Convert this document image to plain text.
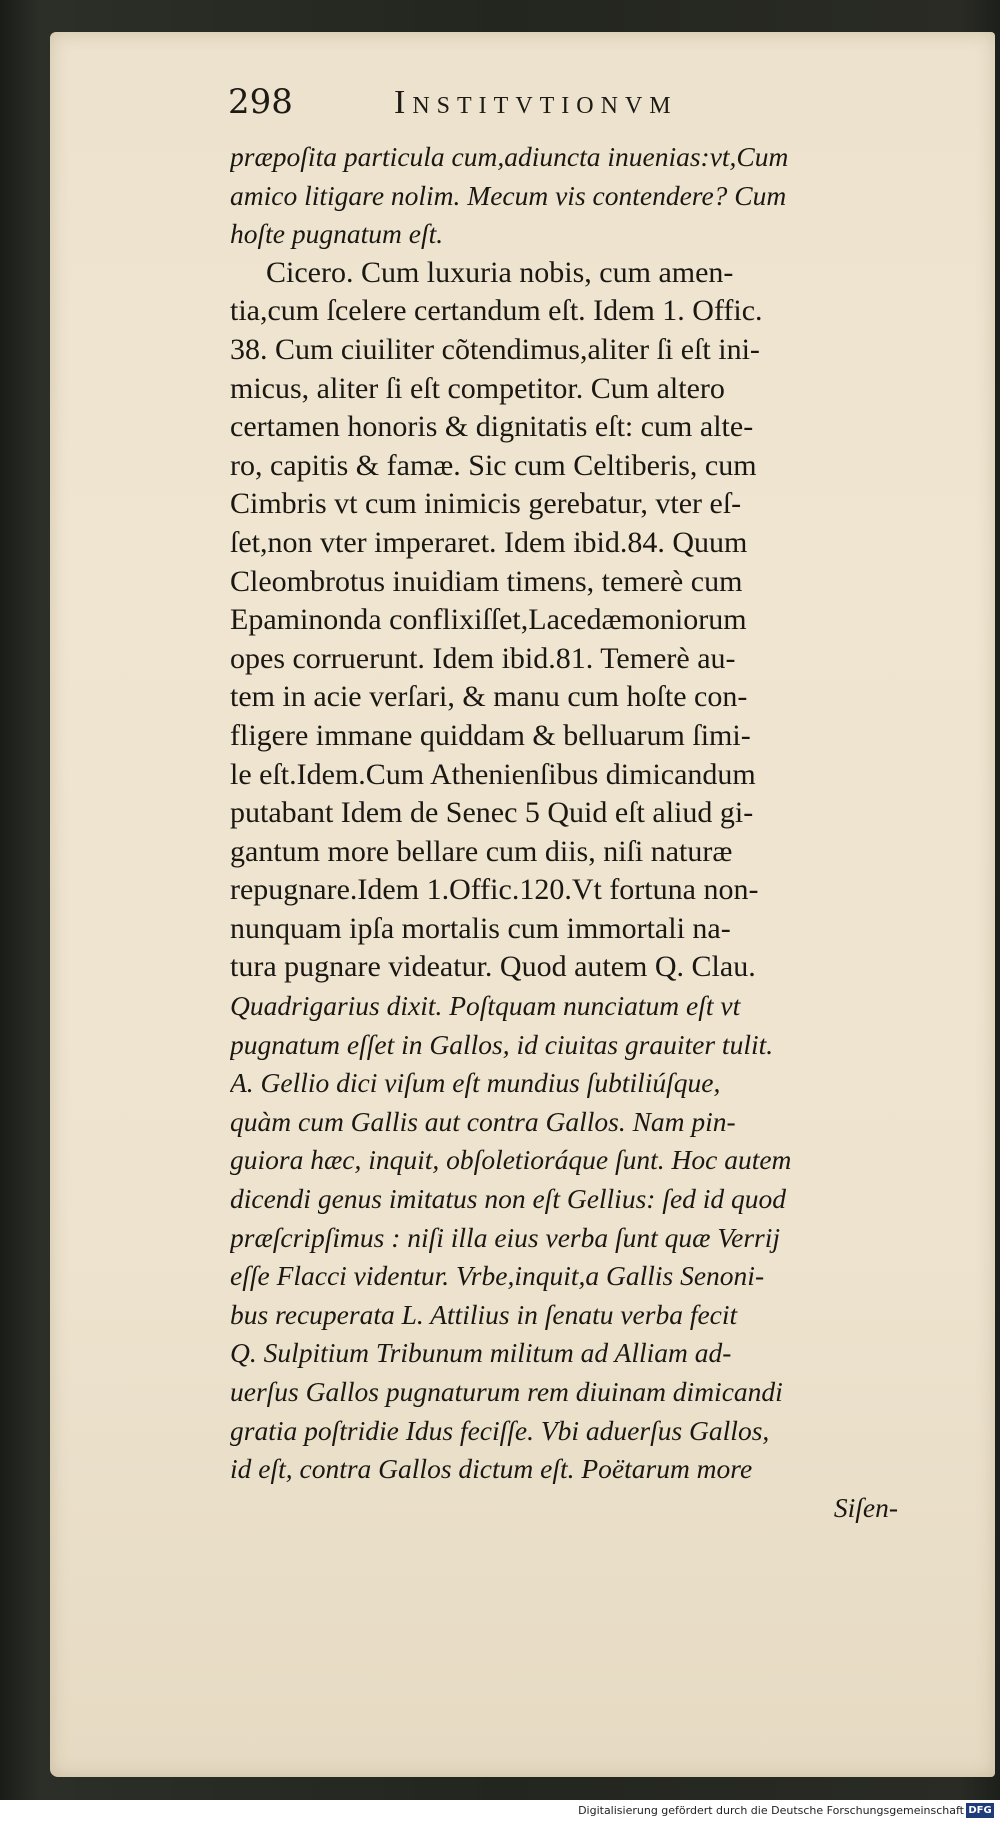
298	Institvtionvm
præpoſita particula cum,adiuncta inuenias:vt,Cum
amico litigare nolim. Mecum vis contendere? Cum
hoſte pugnatum eſt.
Cicero. Cum luxuria nobis, cum amen-
tia,cum ſcelere certandum eſt. Idem 1. Offic.
38. Cum ciuiliter cõtendimus,aliter ſi eſt ini-
micus, aliter ſi eſt competitor. Cum altero
certamen honoris & dignitatis eſt: cum alte-
ro, capitis & famæ. Sic cum Celtiberis, cum
Cimbris vt cum inimicis gerebatur, vter eſ-
ſet,non vter imperaret. Idem ibid.84. Quum
Cleombrotus inuidiam timens, temerè cum
Epaminonda conflixiſſet,Lacedæmoniorum
opes corruerunt. Idem ibid.81. Temerè au-
tem in acie verſari, & manu cum hoſte con-
fligere immane quiddam & belluarum ſimi-
le eſt.Idem.Cum Athenienſibus dimicandum
putabant Idem de Senec 5 Quid eſt aliud gi-
gantum more bellare cum diis, niſi naturæ
repugnare.Idem 1.Offic.120.Vt fortuna non-
nunquam ipſa mortalis cum immortali na-
tura pugnare videatur. Quod autem Q. Clau.
Quadrigarius dixit. Poſtquam nunciatum eſt vt
pugnatum eſſet in Gallos, id ciuitas grauiter tulit.
A. Gellio dici viſum eſt mundius ſubtiliúſque,
quàm cum Gallis aut contra Gallos. Nam pin-
guiora hæc, inquit, obſoletioráque ſunt. Hoc autem
dicendi genus imitatus non eſt Gellius: ſed id quod
præſcripſimus : niſi illa eius verba ſunt quæ Verrij
eſſe Flacci videntur. Vrbe,inquit,a Gallis Senoni-
bus recuperata L. Attilius in ſenatu verba fecit
Q. Sulpitium Tribunum militum ad Alliam ad-
uerſus Gallos pugnaturum rem diuinam dimicandi
gratia poſtridie Idus feciſſe. Vbi aduerſus Gallos,
id eſt, contra Gallos dictum eſt. Poëtarum more
Siſen-
Digitalisierung gefördert durch die Deutsche Forschungsgemeinschaft DFG
